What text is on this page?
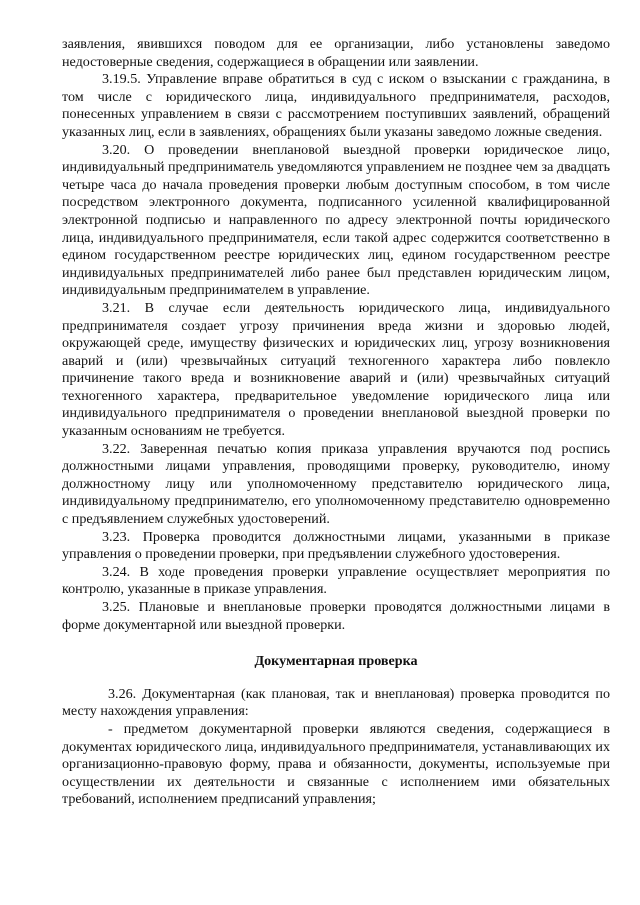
заявления, явившихся поводом для ее организации, либо установлены заведомо недостоверные сведения, содержащиеся в обращении или заявлении.

3.19.5. Управление вправе обратиться в суд с иском о взыскании с гражданина, в том числе с юридического лица, индивидуального предпринимателя, расходов, понесенных управлением в связи с рассмотрением поступивших заявлений, обращений указанных лиц, если в заявлениях, обращениях были указаны заведомо ложные сведения.

3.20. О проведении внеплановой выездной проверки юридическое лицо, индивидуальный предприниматель уведомляются управлением не позднее чем за двадцать четыре часа до начала проведения проверки любым доступным способом, в том числе посредством электронного документа, подписанного усиленной квалифицированной электронной подписью и направленного по адресу электронной почты юридического лица, индивидуального предпринимателя, если такой адрес содержится соответственно в едином государственном реестре юридических лиц, едином государственном реестре индивидуальных предпринимателей либо ранее был представлен юридическим лицом, индивидуальным предпринимателем в управление.

3.21. В случае если деятельность юридического лица, индивидуального предпринимателя создает угрозу причинения вреда жизни и здоровью людей, окружающей среде, имуществу физических и юридических лиц, угрозу возникновения аварий и (или) чрезвычайных ситуаций техногенного характера либо повлекло причинение такого вреда и возникновение аварий и (или) чрезвычайных ситуаций техногенного характера, предварительное уведомление юридического лица или индивидуального предпринимателя о проведении внеплановой выездной проверки по указанным основаниям не требуется.

3.22. Заверенная печатью копия приказа управления вручаются под роспись должностными лицами управления, проводящими проверку, руководителю, иному должностному лицу или уполномоченному представителю юридического лица, индивидуальному предпринимателю, его уполномоченному представителю одновременно с предъявлением служебных удостоверений.

3.23. Проверка проводится должностными лицами, указанными в приказе управления о проведении проверки, при предъявлении служебного удостоверения.

3.24. В ходе проведения проверки управление осуществляет мероприятия по контролю, указанные в приказе управления.

3.25. Плановые и внеплановые проверки проводятся должностными лицами в форме документарной или выездной проверки.

Документарная проверка

3.26. Документарная (как плановая, так и внеплановая) проверка проводится по месту нахождения управления:

- предметом документарной проверки являются сведения, содержащиеся в документах юридического лица, индивидуального предпринимателя, устанавливающих их организационно-правовую форму, права и обязанности, документы, используемые при осуществлении их деятельности и связанные с исполнением ими обязательных требований, исполнением предписаний управления;
